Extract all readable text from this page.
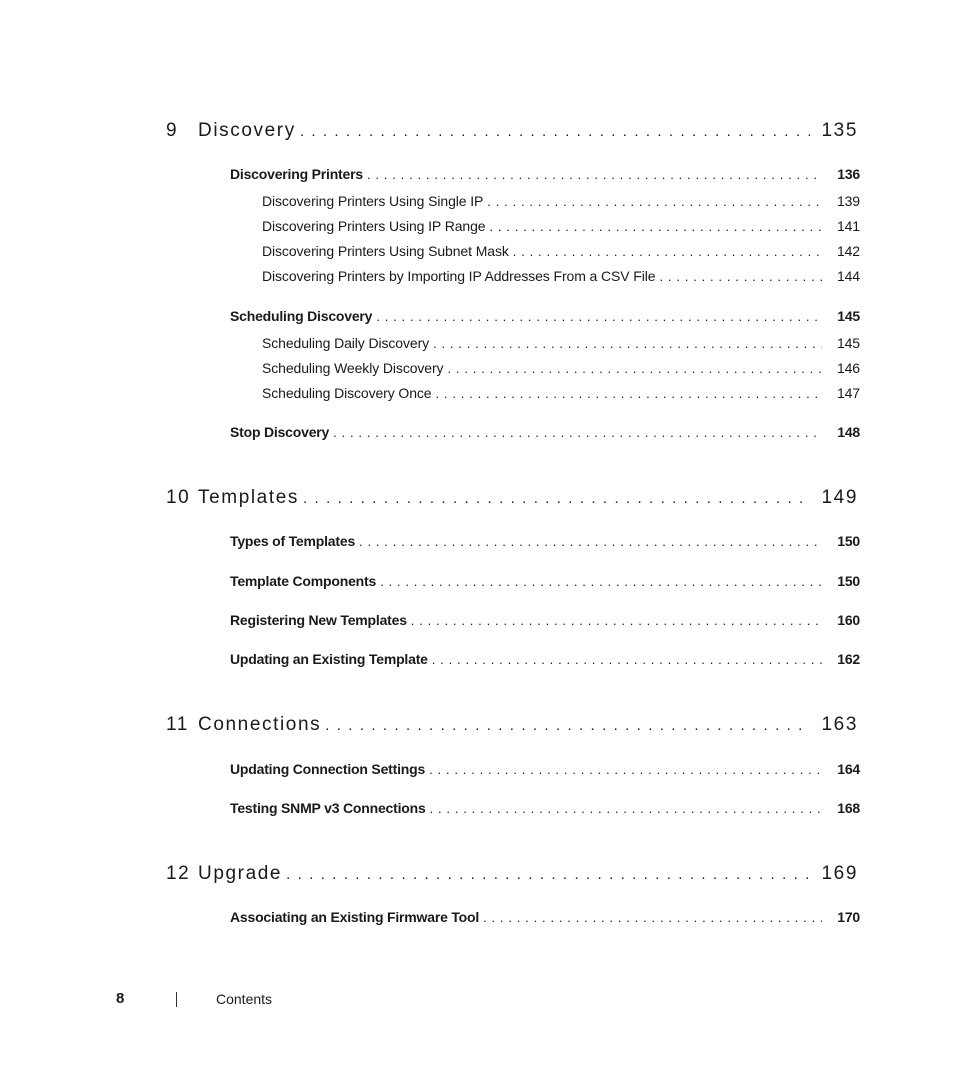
9 Discovery . . .	135
Discovering Printers . . .	136
Discovering Printers Using Single IP . . .	139
Discovering Printers Using IP Range . . .	141
Discovering Printers Using Subnet Mask . . .	142
Discovering Printers by Importing IP Addresses From a CSV File . . .	144
Scheduling Discovery . . .	145
Scheduling Daily Discovery . . .	145
Scheduling Weekly Discovery . . .	146
Scheduling Discovery Once . . .	147
Stop Discovery . . .	148
10 Templates . . .	149
Types of Templates . . .	150
Template Components . . .	150
Registering New Templates . . .	160
Updating an Existing Template . . .	162
11 Connections . . .	163
Updating Connection Settings . . .	164
Testing SNMP v3 Connections . . .	168
12 Upgrade . . .	169
Associating an Existing Firmware Tool . . .	170
8	Contents
